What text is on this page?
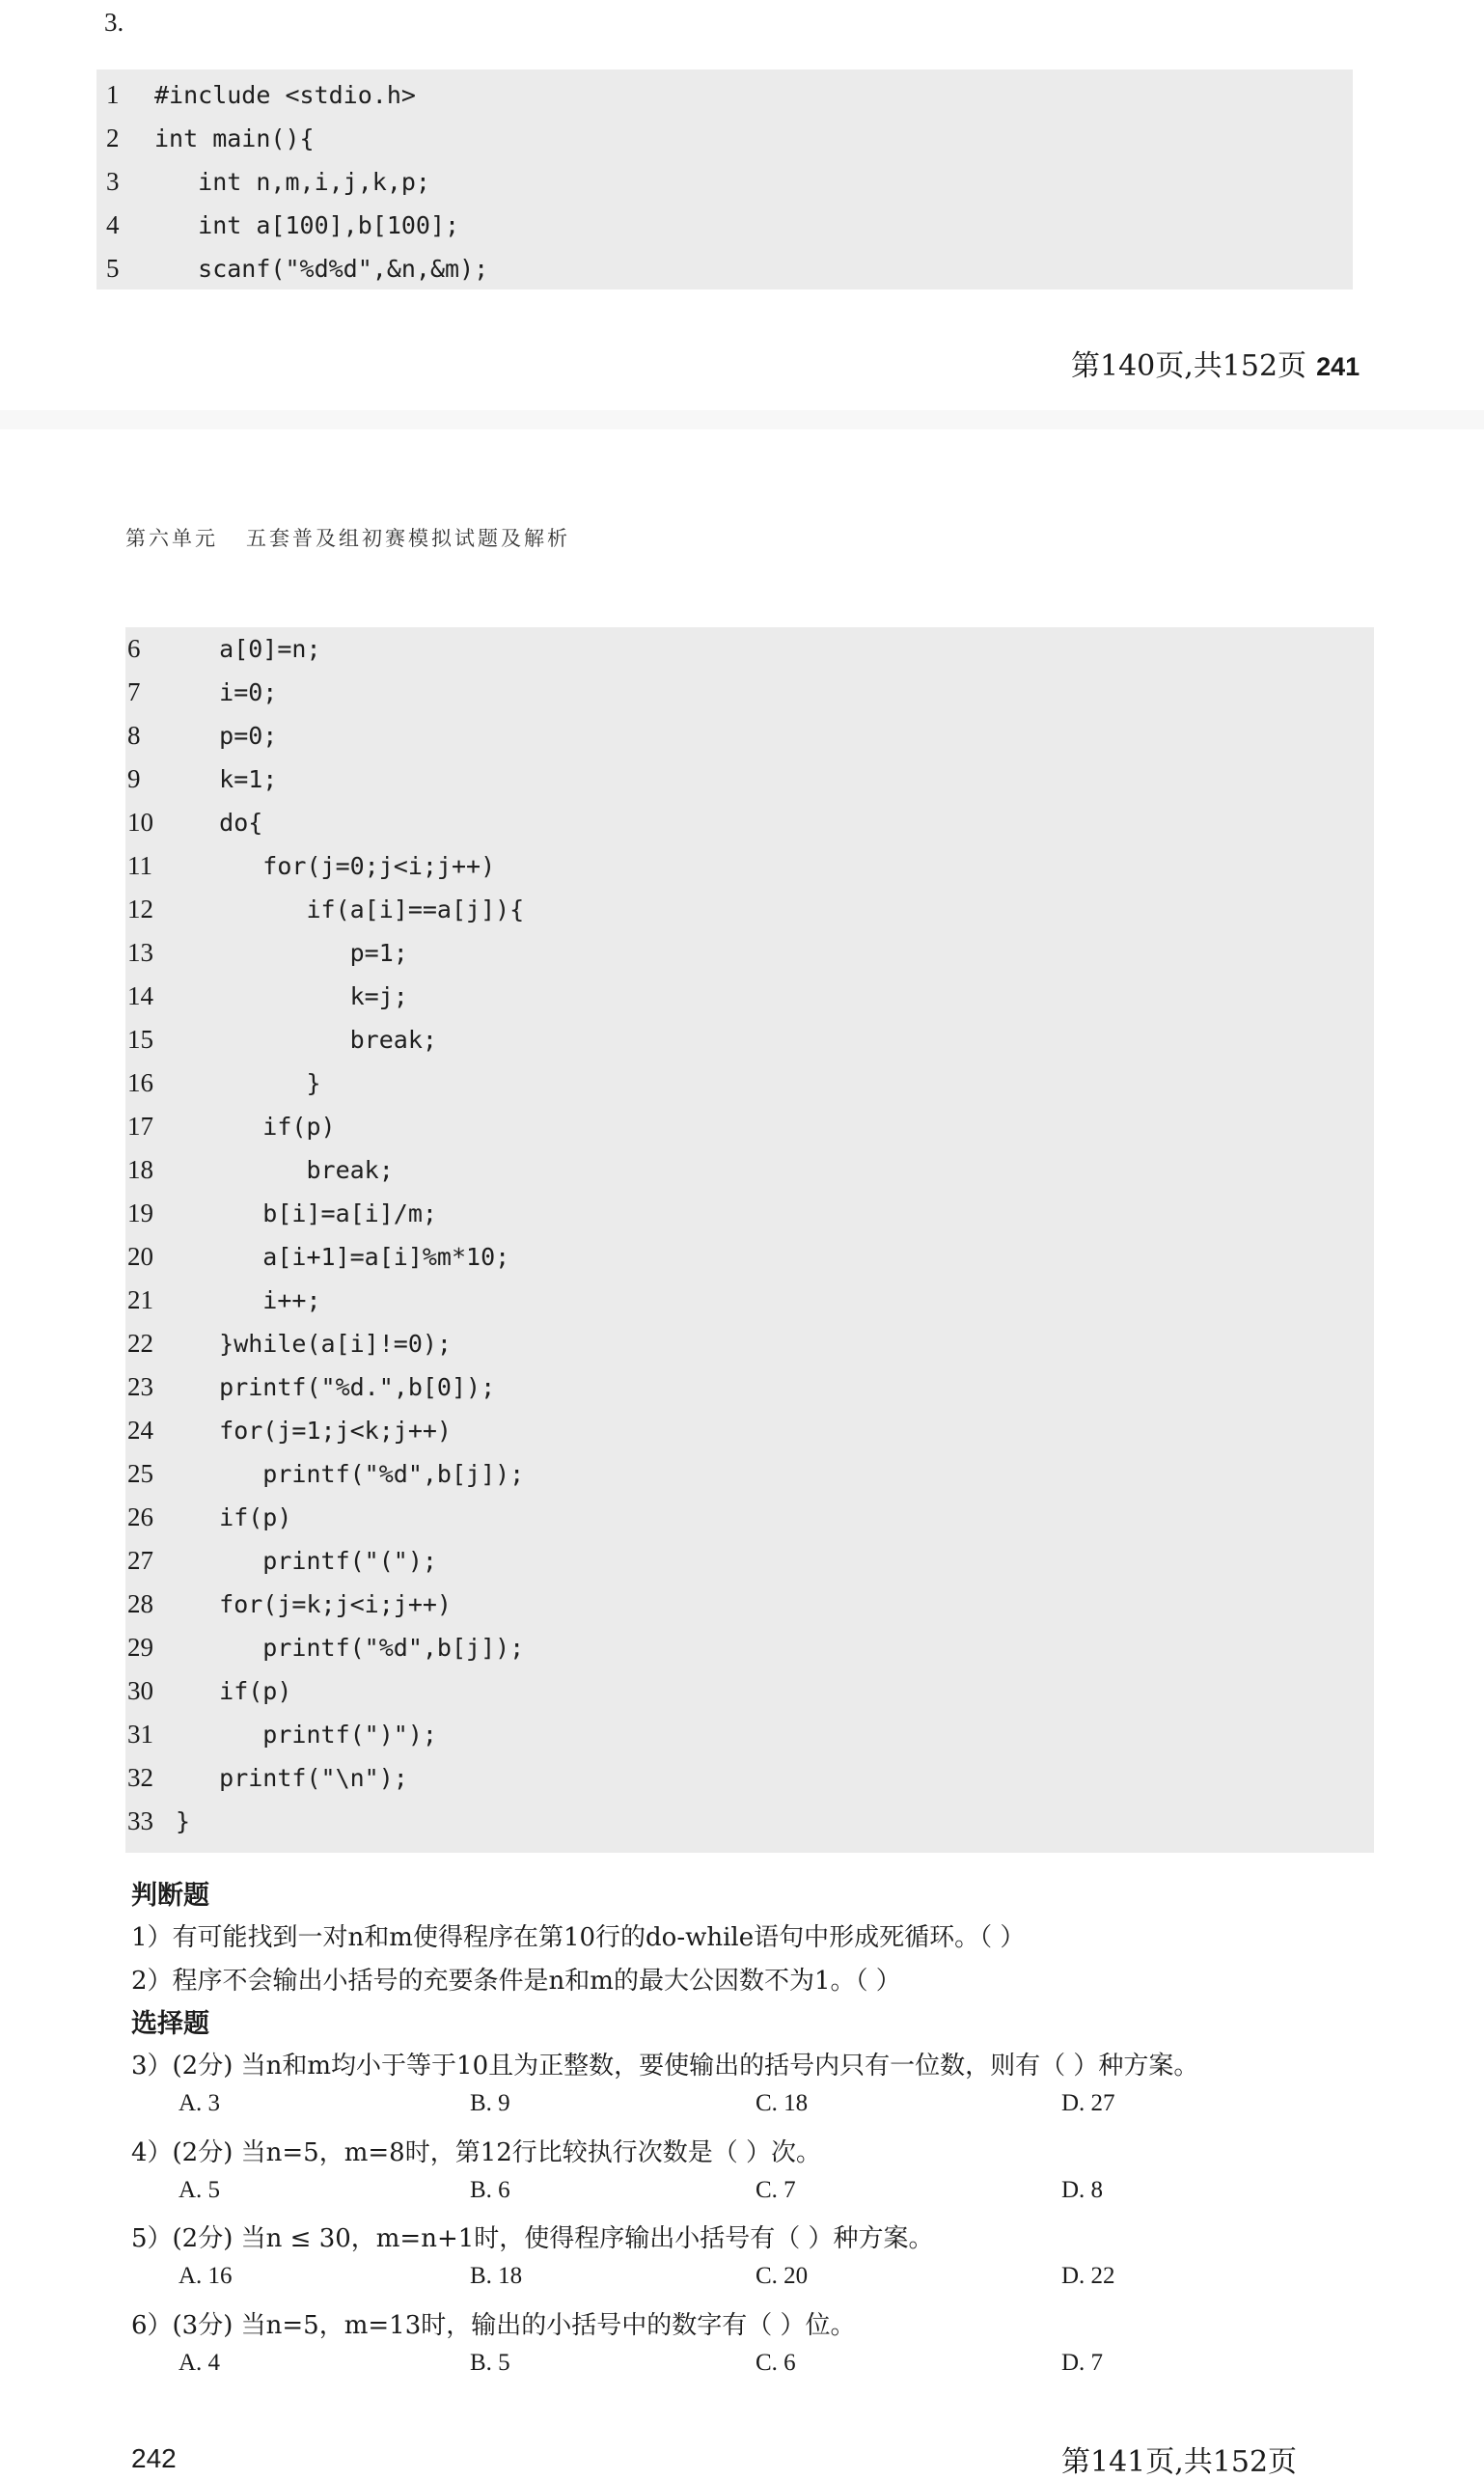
3.
1 #include <stdio.h>
2 int main(){
3   int n,m,i,j,k,p;
4   int a[100],b[100];
5   scanf("%d%d",&n,&m);
第140页,共152页 241
第六单元   五套普及组初赛模拟试题及解析
6   a[0]=n;
7   i=0;
8   p=0;
9   k=1;
10   do{
11      for(j=0;j<i;j++)
12         if(a[i]==a[j]){
13            p=1;
14            k=j;
15            break;
16         }
17      if(p)
18         break;
19      b[i]=a[i]/m;
20      a[i+1]=a[i]%m*10;
21      i++;
22   }while(a[i]!=0);
23   printf("%d.",b[0]);
24   for(j=1;j<k;j++)
25      printf("%d",b[j]);
26   if(p)
27      printf("(");
28   for(j=k;j<i;j++)
29      printf("%d",b[j]);
30   if(p)
31      printf(")");
32   printf("\n");
33 }
判断题
1）有可能找到一对n和m使得程序在第10行的do-while语句中形成死循环。（ ）
2）程序不会输出小括号的充要条件是n和m的最大公因数不为1。（ ）
选择题
3）(2分) 当n和m均小于等于10且为正整数，要使输出的括号内只有一位数，则有（ ）种方案。
A. 3	B. 9	C. 18	D. 27
4）(2分) 当n=5，m=8时，第12行比较执行次数是（ ）次。
A. 5	B. 6	C. 7	D. 8
5）(2分) 当n ≤ 30，m=n+1时，使得程序输出小括号有（ ）种方案。
A. 16	B. 18	C. 20	D. 22
6）(3分) 当n=5，m=13时，输出的小括号中的数字有（ ）位。
A. 4	B. 5	C. 6	D. 7
242	第141页,共152页
